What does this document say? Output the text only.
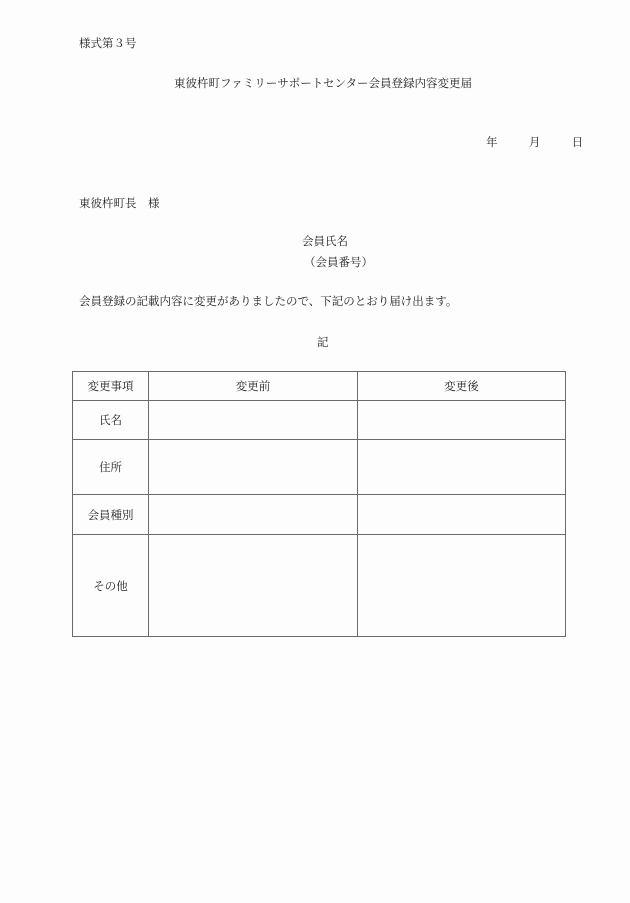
様式第３号
東彼杵町ファミリーサポートセンター会員登録内容変更届
年	月	日
東彼杵町長　様
会員氏名
（会員番号）
会員登録の記載内容に変更がありましたので、下記のとおり届け出ます。
記
変更事項	変更前	変更後
氏名		
住所		
会員種別		
その他		
